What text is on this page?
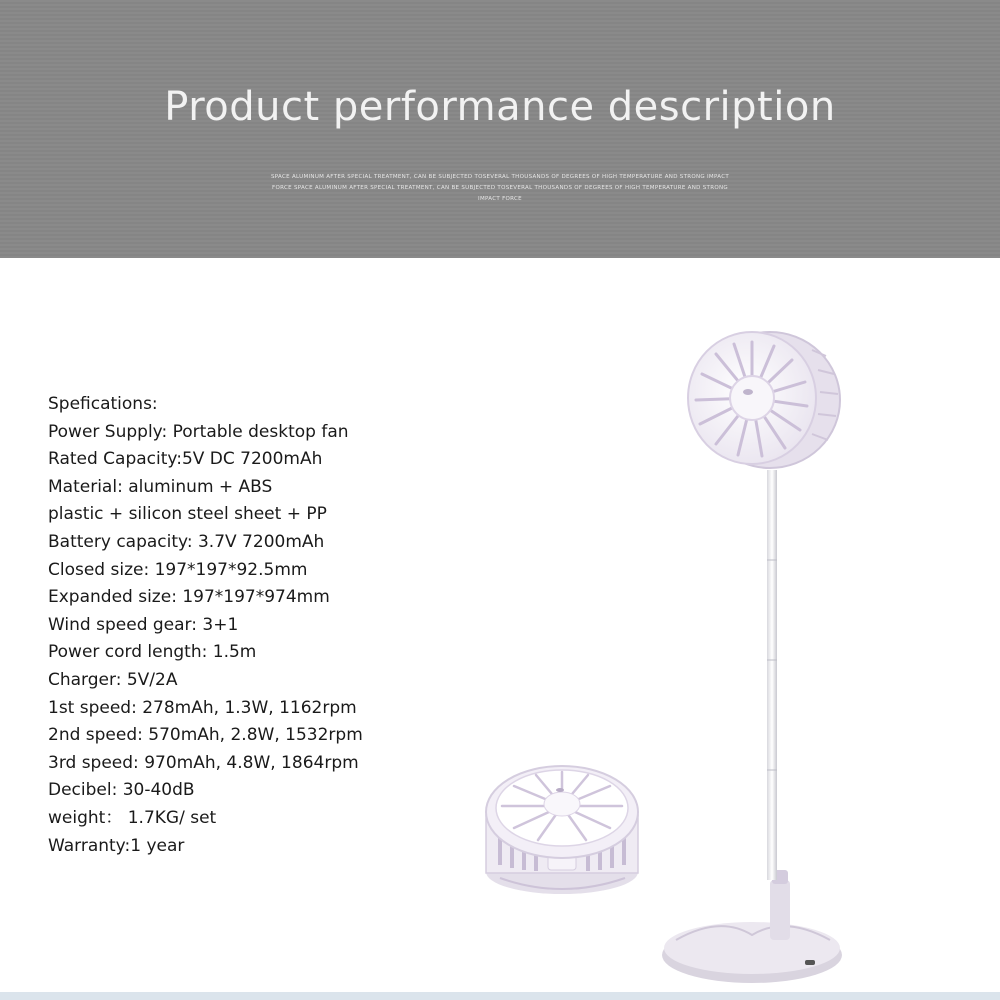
Product performance description
SPACE ALUMINUM AFTER SPECIAL TREATMENT, CAN BE SUBJECTED TOSEVERAL THOUSANDS OF DEGREES OF HIGH TEMPERATURE AND STRONG IMPACT FORCE SPACE ALUMINUM AFTER SPECIAL TREATMENT, CAN BE SUBJECTED TOSEVERAL THOUSANDS OF DEGREES OF HIGH TEMPERATURE AND STRONG IMPACT FORCE
Spefications:
Power Supply: Portable desktop fan
Rated Capacity:5V DC 7200mAh
Material: aluminum + ABS
plastic + silicon steel sheet + PP
Battery capacity: 3.7V 7200mAh
Closed size: 197*197*92.5mm
Expanded size: 197*197*974mm
Wind speed gear: 3+1
Power cord length: 1.5m
Charger: 5V/2A
1st speed: 278mAh, 1.3W, 1162rpm
2nd speed: 570mAh, 2.8W, 1532rpm
3rd speed: 970mAh, 4.8W, 1864rpm
Decibel: 30-40dB
weight： 1.7KG/ set
Warranty:1 year
